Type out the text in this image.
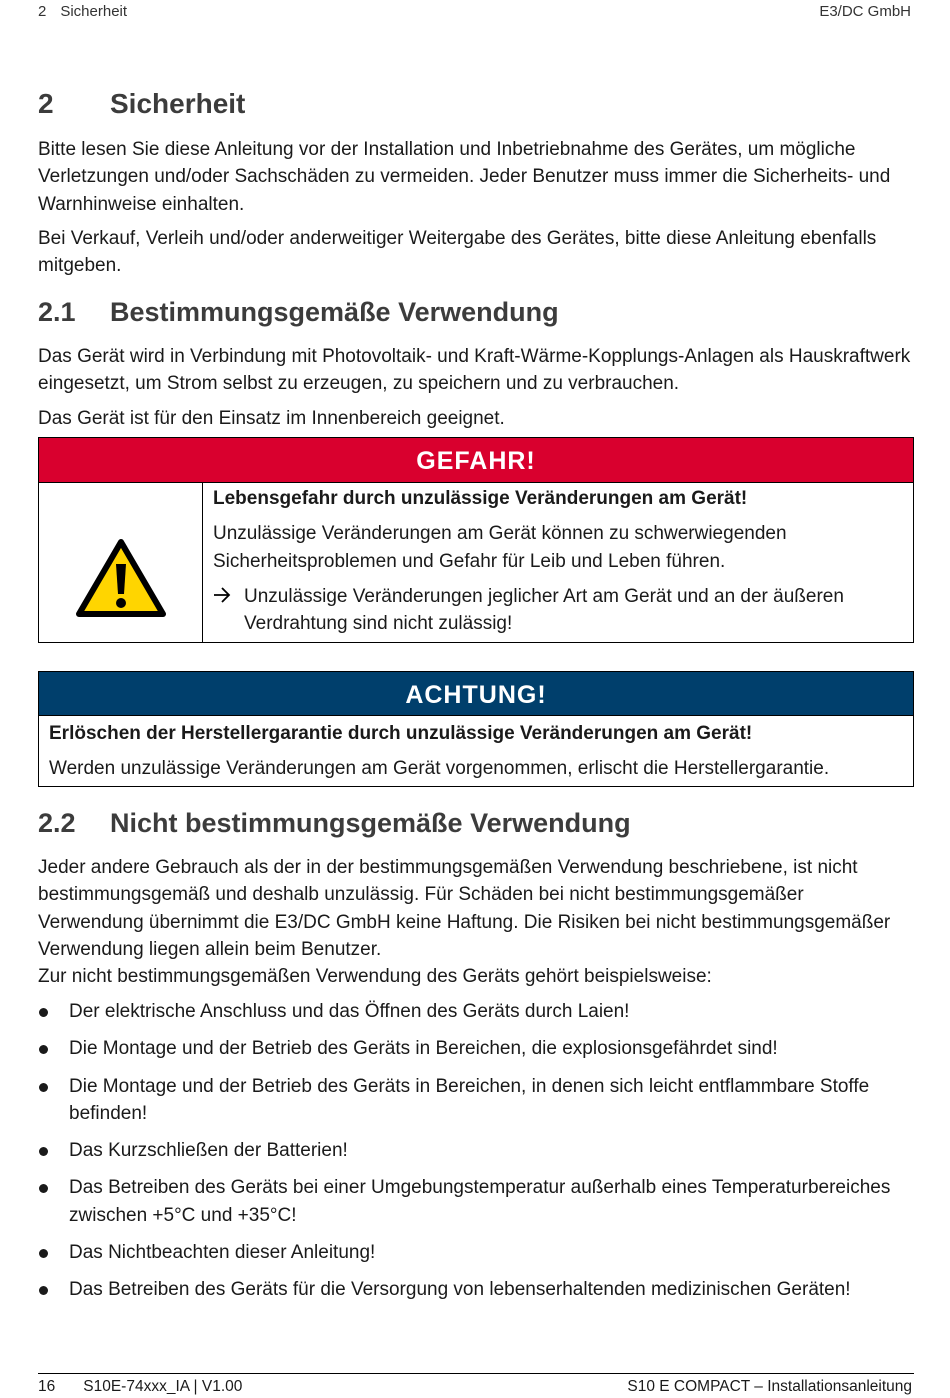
2 Sicherheit	E3/DC GmbH
2 Sicherheit
Bitte lesen Sie diese Anleitung vor der Installation und Inbetriebnahme des Gerätes, um mögliche Verletzungen und/oder Sachschäden zu vermeiden. Jeder Benutzer muss immer die Sicherheits- und Warnhinweise einhalten.
Bei Verkauf, Verleih und/oder anderweitiger Weitergabe des Gerätes, bitte diese Anleitung ebenfalls mitgeben.
2.1 Bestimmungsgemäße Verwendung
Das Gerät wird in Verbindung mit Photovoltaik- und Kraft-Wärme-Kopplungs-Anlagen als Hauskraftwerk eingesetzt, um Strom selbst zu erzeugen, zu speichern und zu verbrauchen.
Das Gerät ist für den Einsatz im Innenbereich geeignet.
GEFAHR!
Lebensgefahr durch unzulässige Veränderungen am Gerät!
Unzulässige Veränderungen am Gerät können zu schwerwiegenden Sicherheitsproblemen und Gefahr für Leib und Leben führen.
Unzulässige Veränderungen jeglicher Art am Gerät und an der äußeren Verdrahtung sind nicht zulässig!
ACHTUNG!
Erlöschen der Herstellergarantie durch unzulässige Veränderungen am Gerät!
Werden unzulässige Veränderungen am Gerät vorgenommen, erlischt die Herstellergarantie.
2.2 Nicht bestimmungsgemäße Verwendung
Jeder andere Gebrauch als der in der bestimmungsgemäßen Verwendung beschriebene, ist nicht bestimmungsgemäß und deshalb unzulässig. Für Schäden bei nicht bestimmungsgemäßer Verwendung übernimmt die E3/DC GmbH keine Haftung. Die Risiken bei nicht bestimmungsgemäßer Verwendung liegen allein beim Benutzer.
Zur nicht bestimmungsgemäßen Verwendung des Geräts gehört beispielsweise:
Der elektrische Anschluss und das Öffnen des Geräts durch Laien!
Die Montage und der Betrieb des Geräts in Bereichen, die explosionsgefährdet sind!
Die Montage und der Betrieb des Geräts in Bereichen, in denen sich leicht entflammbare Stoffe befinden!
Das Kurzschließen der Batterien!
Das Betreiben des Geräts bei einer Umgebungstemperatur außerhalb eines Temperaturbereiches zwischen +5°C und +35°C!
Das Nichtbeachten dieser Anleitung!
Das Betreiben des Geräts für die Versorgung von lebenserhaltenden medizinischen Geräten!
16 S10E-74xxx_IA | V1.00	S10 E COMPACT – Installationsanleitung
